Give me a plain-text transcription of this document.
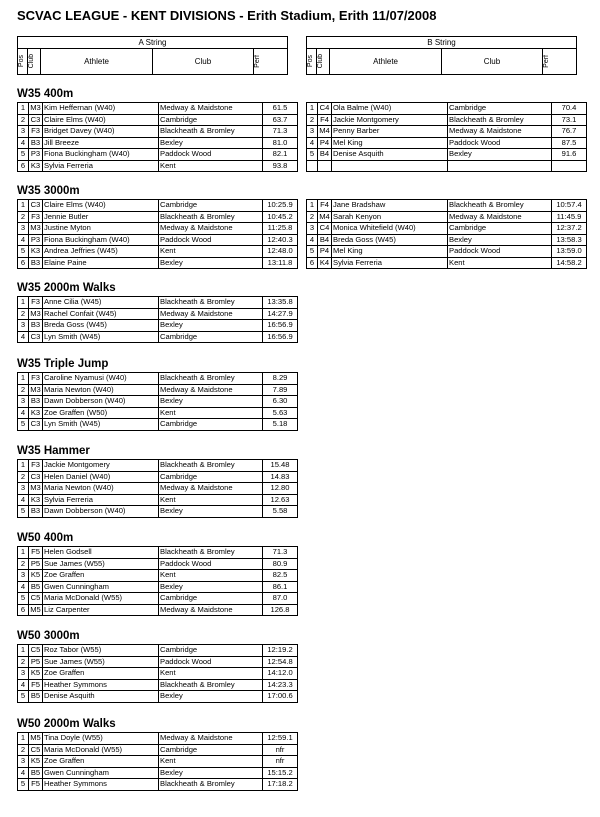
SCVAC LEAGUE - KENT DIVISIONS - Erith Stadium, Erith 11/07/2008
A String

Pos	Club	Athlete	Club	Perf
B String

Pos	Club	Athlete	Club	Perf
W35 400m
1	M3	Kim Heffernan (W40)	Medway & Maidstone	61.5
2	C3	Claire Elms (W40)	Cambridge	63.7
3	F3	Bridget Davey (W40)	Blackheath & Bromley	71.3
4	B3	Jill Breeze	Bexley	81.0
5	P3	Fiona Buckingham (W40)	Paddock Wood	82.1
6	K3	Sylvia Ferreria	Kent	93.8
1	C4	Ola Balme (W40)	Cambridge	70.4
2	F4	Jackie Montgomery	Blackheath & Bromley	73.1
3	M4	Penny Barber	Medway & Maidstone	76.7
4	P4	Mel King	Paddock Wood	87.5
5	B4	Denise Asquith	Bexley	91.6

W35 3000m
1	C3	Claire Elms (W40)	Cambridge	10:25.9
2	F3	Jennie Butler	Blackheath & Bromley	10:45.2
3	M3	Justine Myton	Medway & Maidstone	11:25.8
4	P3	Fiona Buckingham (W40)	Paddock Wood	12:40.3
5	K3	Andrea Jeffries (W45)	Kent	12:48.0
6	B3	Elaine Paine	Bexley	13:11.8
1	F4	Jane Bradshaw	Blackheath & Bromley	10:57.4
2	M4	Sarah Kenyon	Medway & Maidstone	11:45.9
3	C4	Monica Whitefield (W40)	Cambridge	12:37.2
4	B4	Breda Goss (W45)	Bexley	13:58.3
5	P4	Mel King	Paddock Wood	13:59.0
6	K4	Sylvia Ferreria	Kent	14:58.2
W35 2000m Walks
1	F3	Anne Cilia (W45)	Blackheath & Bromley	13:35.8
2	M3	Rachel Confait (W45)	Medway & Maidstone	14:27.9
3	B3	Breda Goss (W45)	Bexley	16:56.9
4	C3	Lyn Smith (W45)	Cambridge	16:56.9
W35 Triple Jump
1	F3	Caroline Nyamusi (W40)	Blackheath & Bromley	8.29
2	M3	Maria Newton (W40)	Medway & Maidstone	7.89
3	B3	Dawn Dobberson (W40)	Bexley	6.30
4	K3	Zoe Graffen (W50)	Kent	5.63
5	C3	Lyn Smith (W45)	Cambridge	5.18
W35 Hammer
1	F3	Jackie Montgomery	Blackheath & Bromley	15.48
2	C3	Helen Daniel (W40)	Cambridge	14.83
3	M3	Maria Newton (W40)	Medway & Maidstone	12.80
4	K3	Sylvia Ferreria	Kent	12.63
5	B3	Dawn Dobberson (W40)	Bexley	5.58
W50 400m
1	F5	Helen Godsell	Blackheath & Bromley	71.3
2	P5	Sue James (W55)	Paddock Wood	80.9
3	K5	Zoe Graffen	Kent	82.5
4	B5	Gwen Cunningham	Bexley	86.1
5	C5	Maria McDonald (W55)	Cambridge	87.0
6	M5	Liz Carpenter	Medway & Maidstone	126.8
W50 3000m
1	C5	Roz Tabor (W55)	Cambridge	12:19.2
2	P5	Sue James (W55)	Paddock Wood	12:54.8
3	K5	Zoe Graffen	Kent	14:12.0
4	F5	Heather Symmons	Blackheath & Bromley	14:23.3
5	B5	Denise Asquith	Bexley	17:00.6
W50 2000m Walks
1	M5	Tina Doyle (W55)	Medway & Maidstone	12:59.1
2	C5	Maria McDonald (W55)	Cambridge	nfr
3	K5	Zoe Graffen	Kent	nfr
4	B5	Gwen Cunningham	Bexley	15:15.2
5	F5	Heather Symmons	Blackheath & Bromley	17:18.2
